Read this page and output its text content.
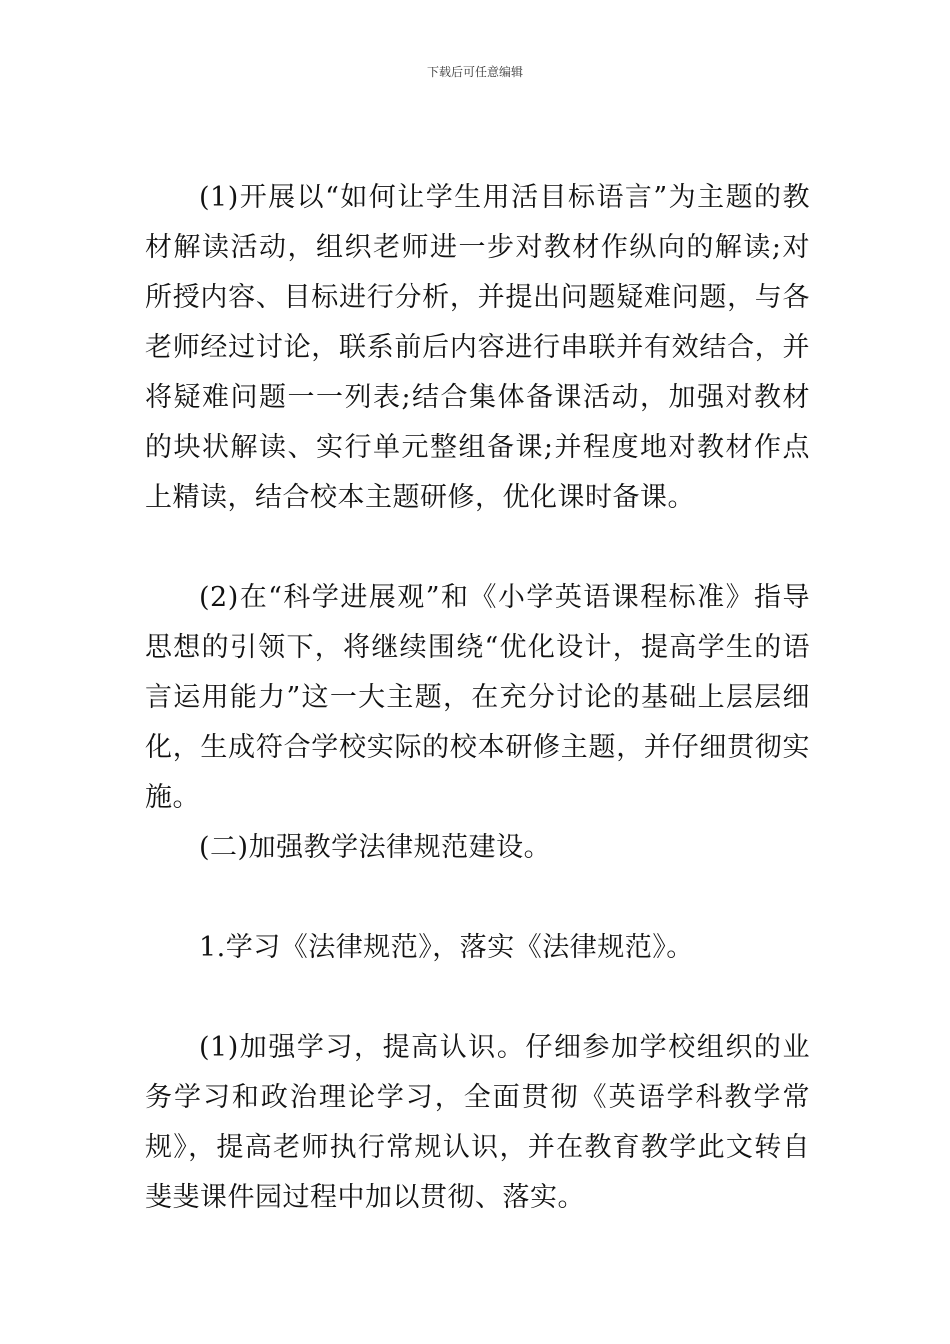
下载后可任意编辑

(1)开展以“如何让学生用活目标语言”为主题的教材解读活动，组织老师进一步对教材作纵向的解读;对所授内容、目标进行分析，并提出问题疑难问题，与各老师经过讨论，联系前后内容进行串联并有效结合，并将疑难问题一一列表;结合集体备课活动，加强对教材的块状解读、实行单元整组备课;并程度地对教材作点上精读，结合校本主题研修，优化课时备课。

(2)在“科学进展观”和《小学英语课程标准》指导思想的引领下，将继续围绕“优化设计，提高学生的语言运用能力”这一大主题，在充分讨论的基础上层层细化，生成符合学校实际的校本研修主题，并仔细贯彻实施。

(二)加强教学法律规范建设。

1.学习《法律规范》，落实《法律规范》。

(1)加强学习，提高认识。仔细参加学校组织的业务学习和政治理论学习，全面贯彻《英语学科教学常规》，提高老师执行常规认识，并在教育教学此文转自斐斐课件园过程中加以贯彻、落实。
